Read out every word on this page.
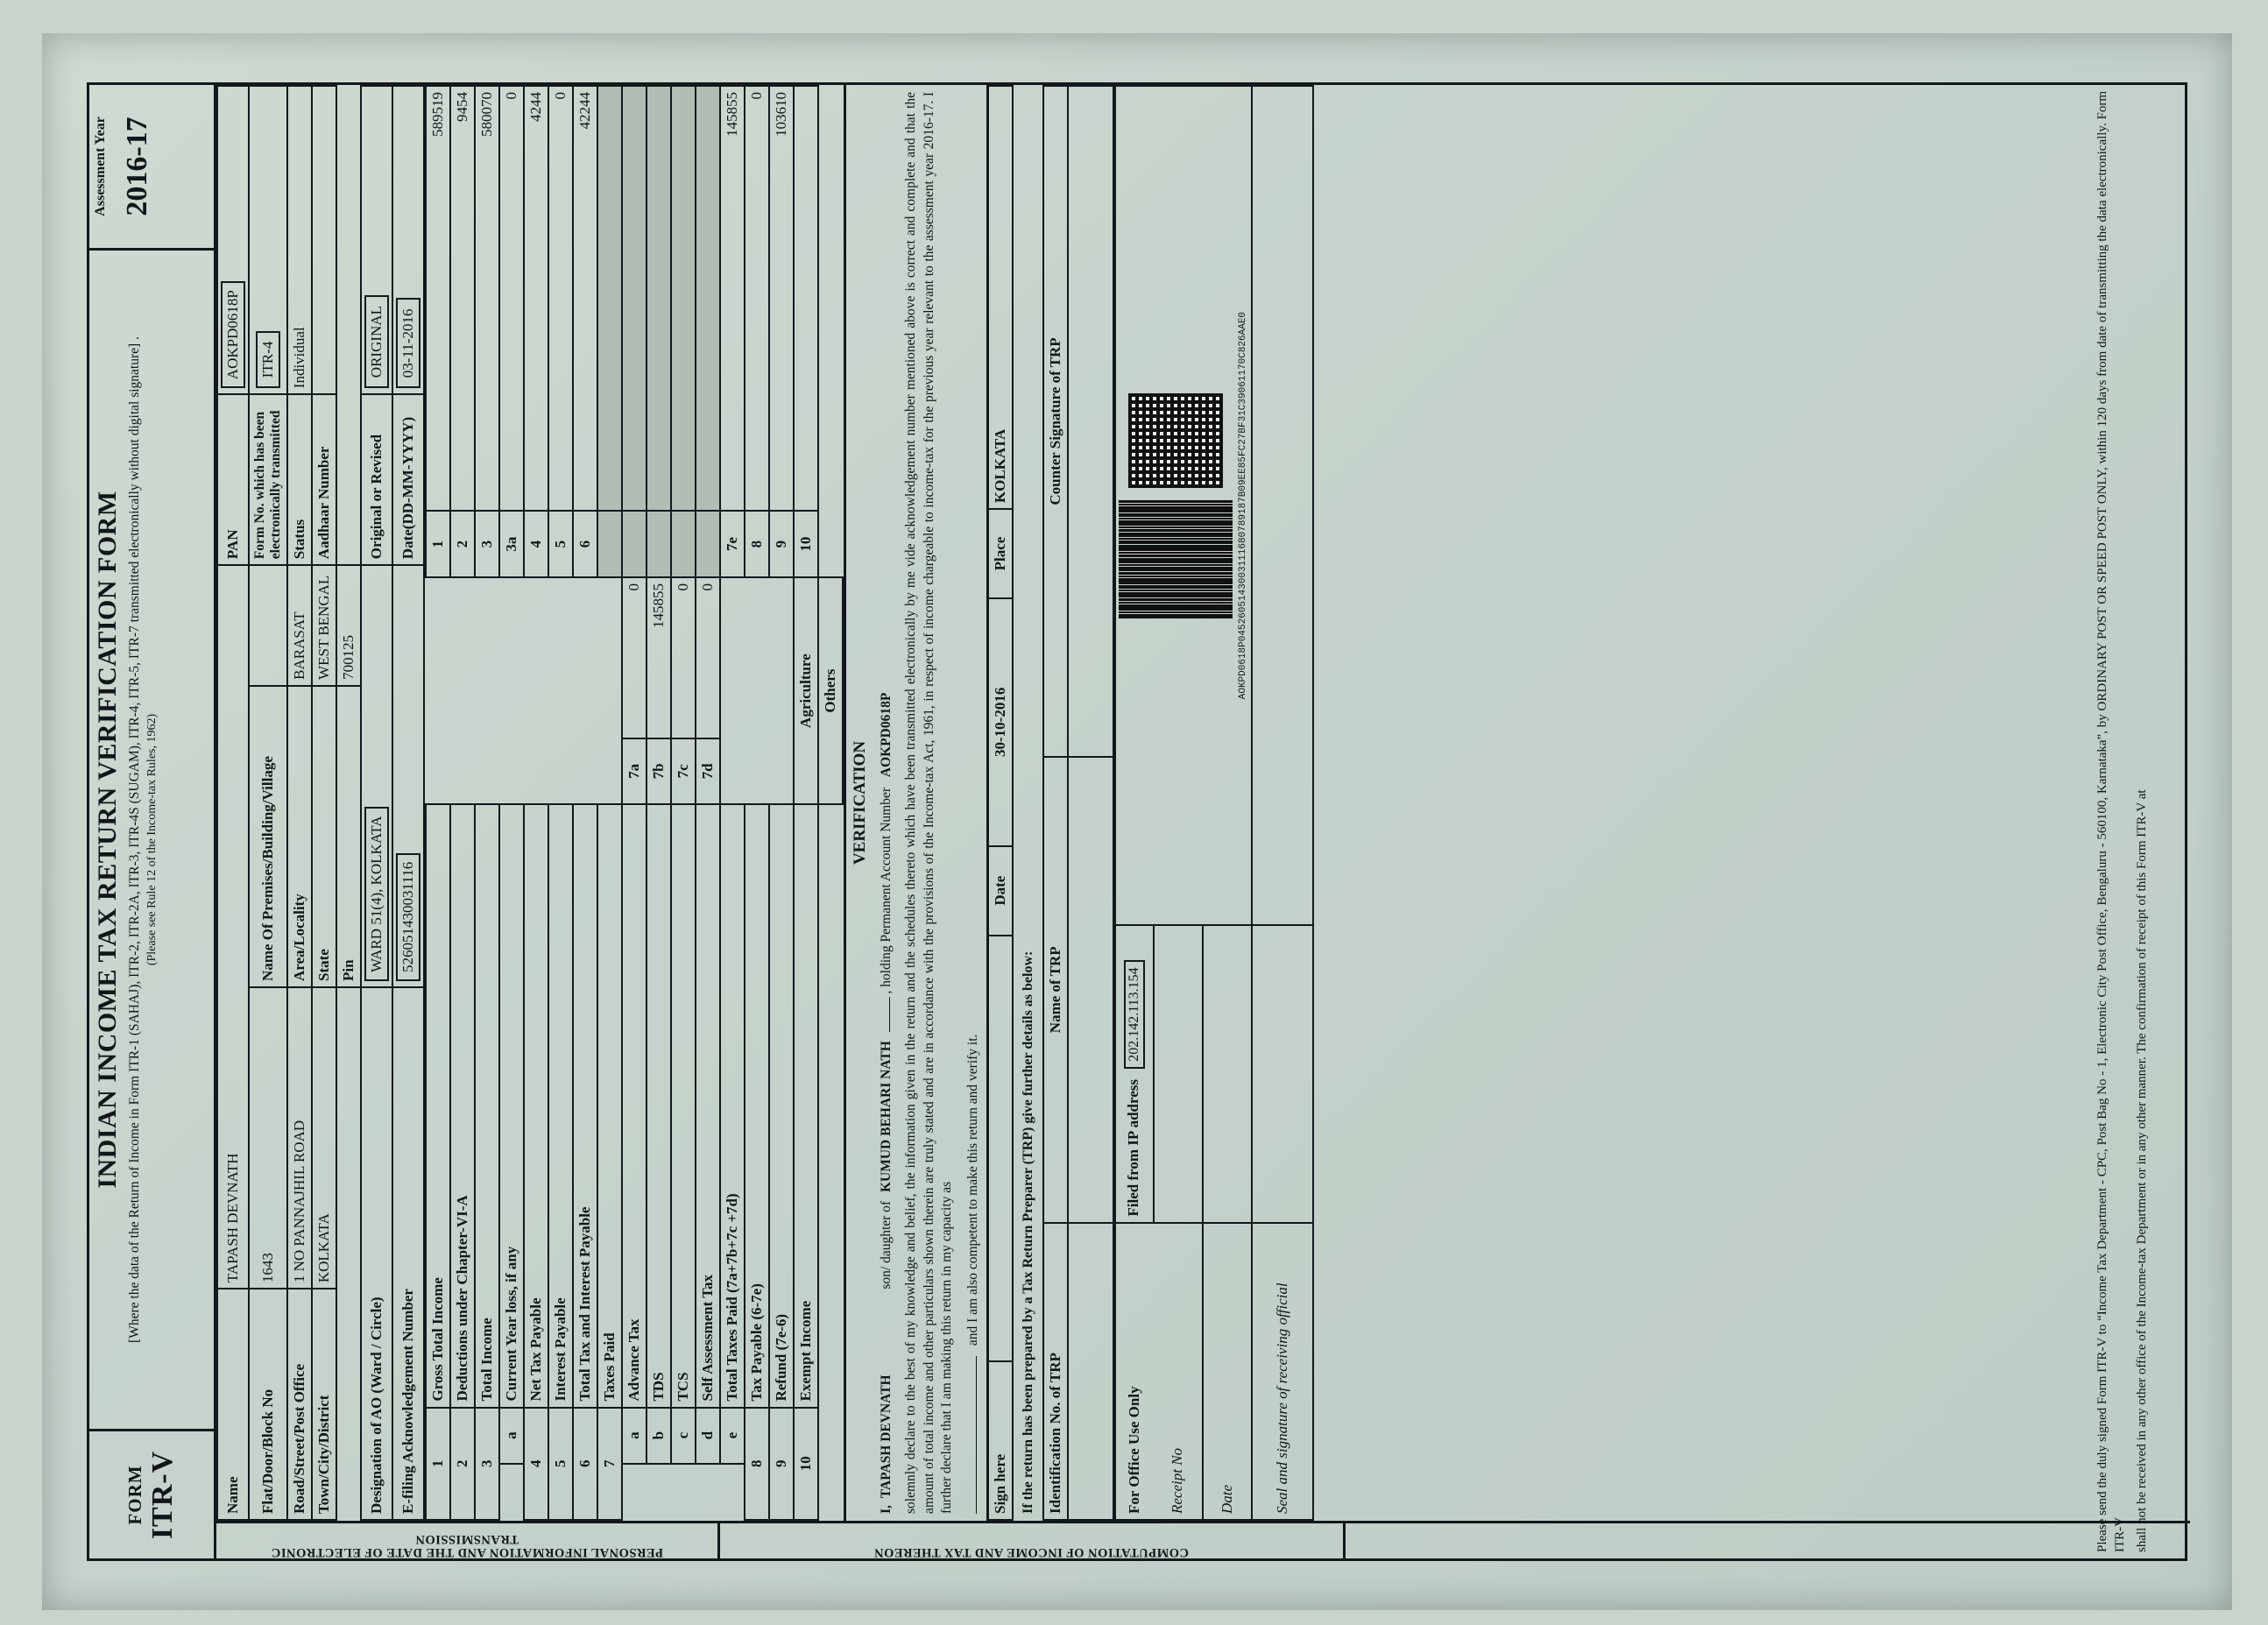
FORM ITR-V
INDIAN INCOME TAX RETURN VERIFICATION FORM [Where the data of the Return of Income in Form ITR-1 (SAHAJ), ITR-2, ITR-2A, ITR-3, ITR-4S (SUGAM), ITR-4, ITR-5, ITR-7 transmitted electronically without digital signature] . (Please see Rule 12 of the Income-tax Rules, 1962)
Assessment Year 2016-17
PERSONAL INFORMATION AND THE DATE OF ELECTRONIC TRANSMISSION
COMPUTATION OF INCOME AND TAX THEREON
Name	TAPASH DEVNATH			PAN	AOKPD0618P
Flat/Door/Block No	1643	Name Of Premises/Building/Village		Form No. which has been electronically transmitted	ITR-4
Road/Street/Post Office	1 NO PANNAJHIL ROAD	Area/Locality	BARASAT	Status	Individual
Town/City/District	KOLKATA	State	WEST BENGAL	Aadhaar Number	
		Pin	700125		
Designation of AO (Ward / Circle)		WARD 51(4), KOLKATA		Original or Revised	ORIGINAL
E-filing Acknowledgement Number		526051430031116		Date(DD-MM-YYYY)	03-11-2016
1		Gross Total Income			1	589519
2		Deductions under Chapter-VI-A			2	9454
3		Total Income			3	580070
	a	Current Year loss, if any			3a	0
4		Net Tax Payable			4	4244
5		Interest Payable			5	0
6		Total Tax and Interest Payable			6	42244
7		Taxes Paid				
	a	Advance Tax	7a	0		
	b	TDS	7b	145855		
	c	TCS	7c	0		
	d	Self Assessment Tax	7d	0		
	e	Total Taxes Paid (7a+7b+7c +7d)			7e	145855
8		Tax Payable (6-7e)			8	0
9		Refund (7e-6)			9	103610
10		Exempt Income	Agriculture		10	
			Others			
VERIFICATION
I, TAPASH DEVNATH  son/ daughter of KUMUD BEHARI NATH  , holding Permanent Account Number AOKPD0618P solemnly declare to the best of my knowledge and belief, the information given in the return and the schedules thereto which have been transmitted electronically by me vide acknowledgement number mentioned above is correct and complete and that the amount of total income and other particulars shown therein are truly stated and are in accordance with the provisions of the Income-tax Act, 1961, in respect of income chargeable to income-tax for the previous year relevant to the assessment year 2016-17. I further declare that I am making this return in my capacity as and I am also competent to make this return and verify it.
Sign here		Date	30-10-2016	Place	KOLKATA
If the return has been prepared by a Tax Return Preparer (TRP) give further details as below: Identification No. of TRP	Name of TRP	Counter Signature of TRP

For Office Use Only	Filed from IP address 202.142.113.154	AOKPD0618P0452605143003111680789187B09EE85FC27BF31C39061170C826AAE0

Receipt No		
Date		
Seal and signature of receiving official			Please send the duly signed Form ITR-V to “Income Tax Department - CPC, Post Bag No - 1, Electronic City Post Office, Bengaluru - 560100, Karnataka”, by ORDINARY POST OR SPEED POST ONLY, within 120 days from date of transmitting the data electronically. Form ITR-V shall not be received in any other office of the Income-tax Department or in any other manner. The confirmation of receipt of this Form ITR-V at
